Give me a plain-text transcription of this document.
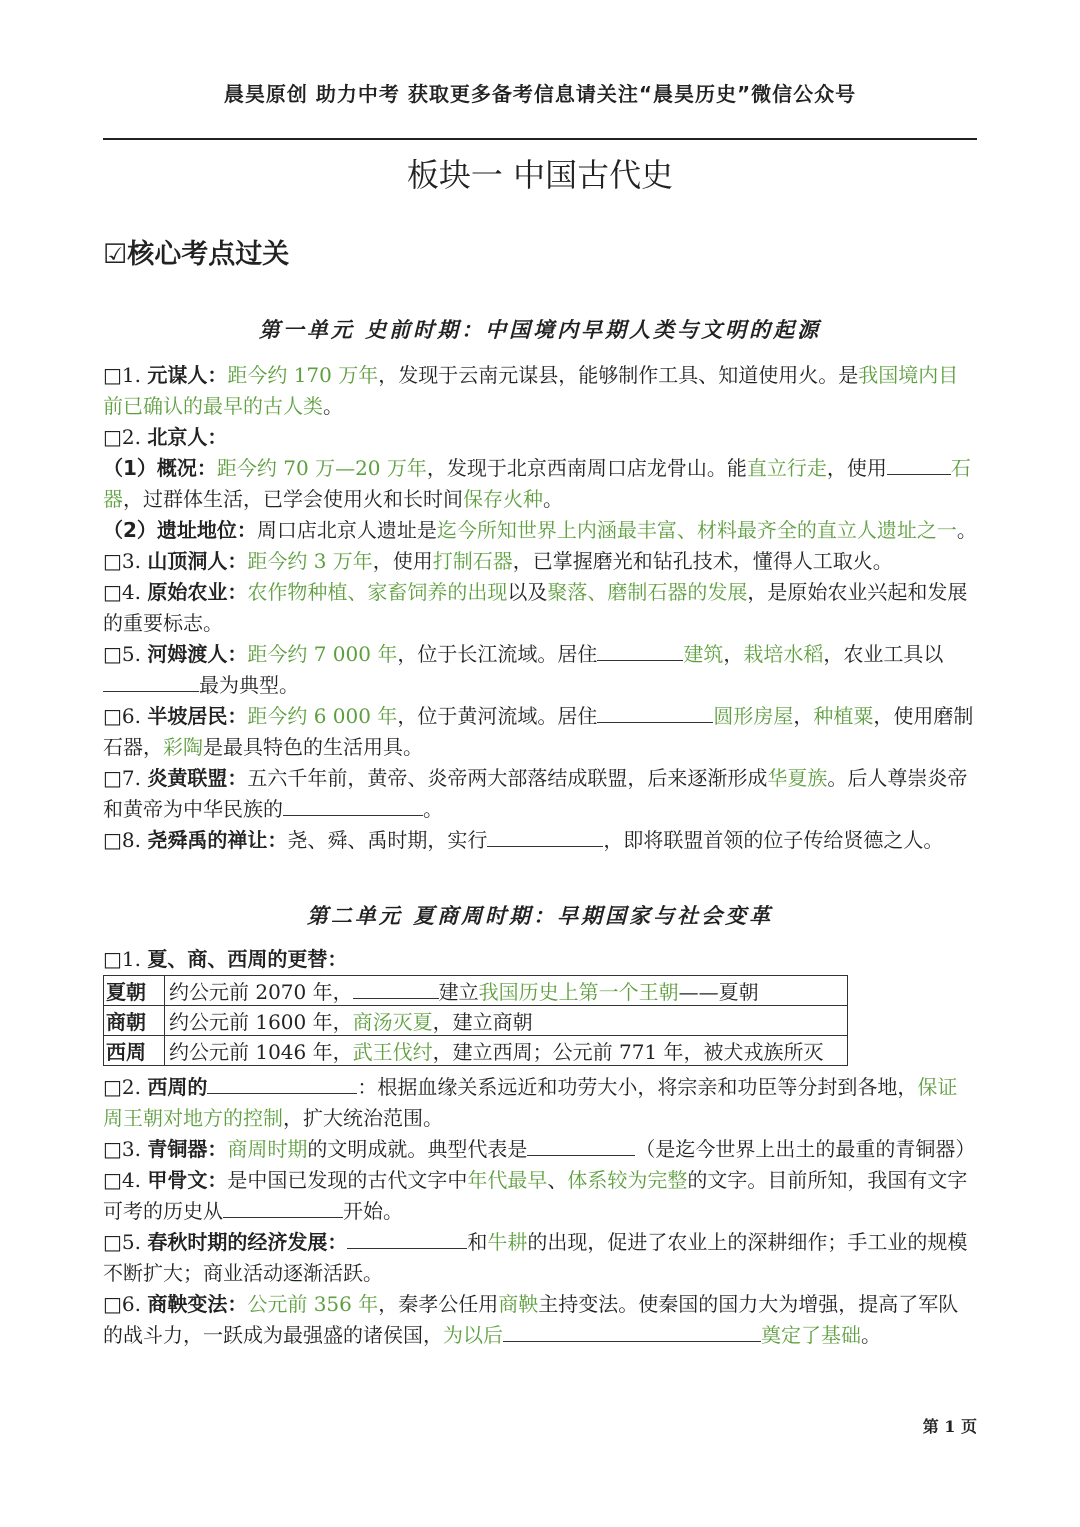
晨昊原创 助力中考 获取更多备考信息请关注“晨昊历史”微信公众号
板块一 中国古代史
☑核心考点过关
第一单元 史前时期：中国境内早期人类与文明的起源

□1. 元谋人：距今约 170 万年，发现于云南元谋县，能够制作工具、知道使用火。是我国境内目前已确认的最早的古人类。

□2. 北京人：

（1）概况：距今约 70 万—20 万年，发现于北京西南周口店龙骨山。能直立行走，使用	石器，过群体生活，已学会使用火和长时间保存火种。

（2）遗址地位：周口店北京人遗址是迄今所知世界上内涵最丰富、材料最齐全的直立人遗址之一。

□3. 山顶洞人：距今约 3 万年，使用打制石器，已掌握磨光和钻孔技术，懂得人工取火。

□4. 原始农业：农作物种植、家畜饲养的出现以及聚落、磨制石器的发展，是原始农业兴起和发展的重要标志。

□5. 河姆渡人：距今约 7 000 年，位于长江流域。居住	建筑，栽培水稻，农业工具以最为典型。

□6. 半坡居民：距今约 6 000 年，位于黄河流域。居住	圆形房屋，种植粟，使用磨制石器，彩陶是最具特色的生活用具。

□7. 炎黄联盟：五六千年前，黄帝、炎帝两大部落结成联盟，后来逐渐形成华夏族。后人尊崇炎帝和黄帝为中华民族的	。

□8. 尧舜禹的禅让：尧、舜、禹时期，实行	，即将联盟首领的位子传给贤德之人。

第二单元 夏商周时期：早期国家与社会变革

□1. 夏、商、西周的更替：

夏朝	约公元前 2070 年， 建立我国历史上第一个王朝——夏朝
商朝	约公元前 1600 年，商汤灭夏，建立商朝
西周	约公元前 1046 年，武王伐纣，建立西周；公元前 771 年，被犬戎族所灭

□2. 西周的	：根据血缘关系远近和功劳大小，将宗亲和功臣等分封到各地，保证周王朝对地方的控制，扩大统治范围。

□3. 青铜器：商周时期的文明成就。典型代表是	（是迄今世界上出土的最重的青铜器）

□4. 甲骨文：是中国已发现的古代文字中年代最早、体系较为完整的文字。目前所知，我国有文字可考的历史从	开始。

□5. 春秋时期的经济发展：	和牛耕的出现，促进了农业上的深耕细作；手工业的规模不断扩大；商业活动逐渐活跃。

□6. 商鞅变法：公元前 356 年，秦孝公任用商鞅主持变法。使秦国的国力大为增强，提高了军队的战斗力，一跃成为最强盛的诸侯国，为以后	奠定了基础。

第 1 页
